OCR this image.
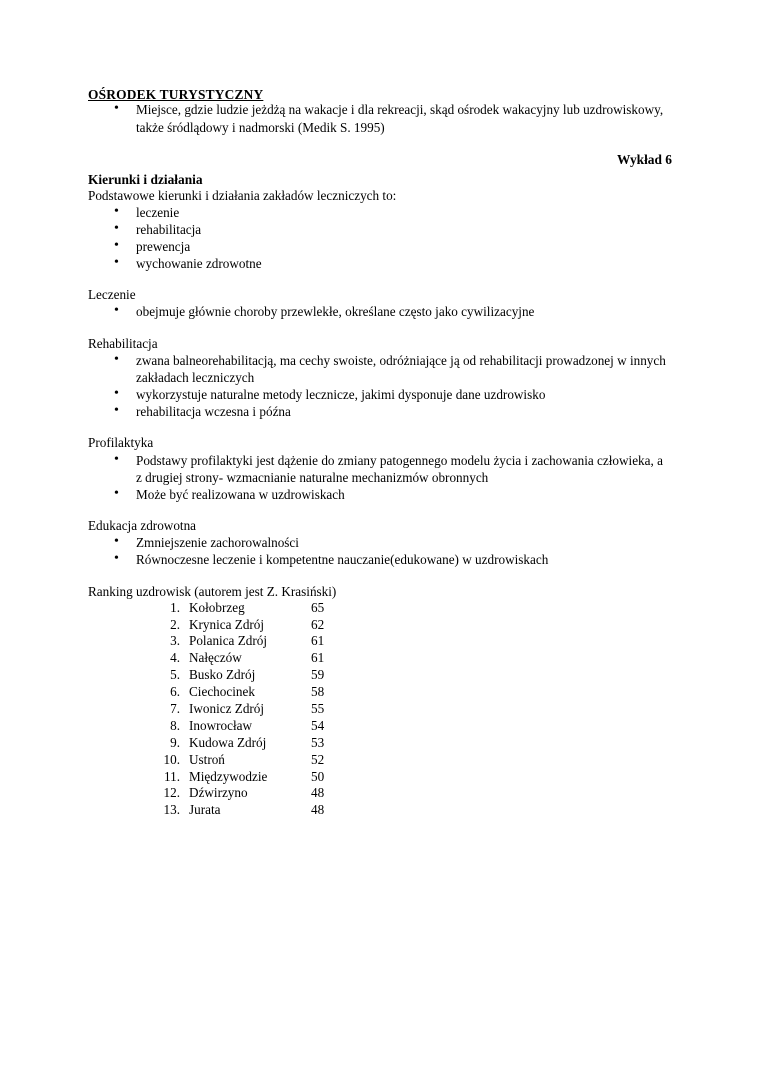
OŚRODEK TURYSTYCZNY
• Miejsce, gdzie ludzie jeżdżą na wakacje i dla rekreacji, skąd ośrodek wakacyjny lub uzdrowiskowy, także śródlądowy i nadmorski (Medik S. 1995)
Wykład 6
Kierunki i działania
Podstawowe kierunki i działania zakładów leczniczych to:
• leczenie
• rehabilitacja
• prewencja
• wychowanie zdrowotne
Leczenie
• obejmuje głównie choroby przewlekłe, określane często jako cywilizacyjne
Rehabilitacja
• zwana balneorehabilitacją, ma cechy swoiste, odróżniające ją od rehabilitacji prowadzonej w innych zakładach leczniczych
• wykorzystuje naturalne metody lecznicze, jakimi dysponuje dane uzdrowisko
• rehabilitacja wczesna i późna
Profilaktyka
• Podstawy profilaktyki jest dążenie do zmiany patogennego modelu życia i zachowania człowieka, a z drugiej strony- wzmacnianie naturalne mechanizmów obronnych
• Może być realizowana w uzdrowiskach
Edukacja zdrowotna
• Zmniejszenie zachorowalności
• Równoczesne leczenie i kompetentne nauczanie(edukowane) w uzdrowiskach
Ranking uzdrowisk (autorem jest Z. Krasiński)
1. Kołobrzeg	65
2. Krynica Zdrój	62
3. Polanica Zdrój	61
4. Nałęczów	61
5. Busko Zdrój	59
6. Ciechocinek	58
7. Iwonicz Zdrój	55
8. Inowrocław	54
9. Kudowa Zdrój	53
10. Ustroń	52
11. Międzywodzie	50
12. Dźwirzyno	48
13. Jurata	48
